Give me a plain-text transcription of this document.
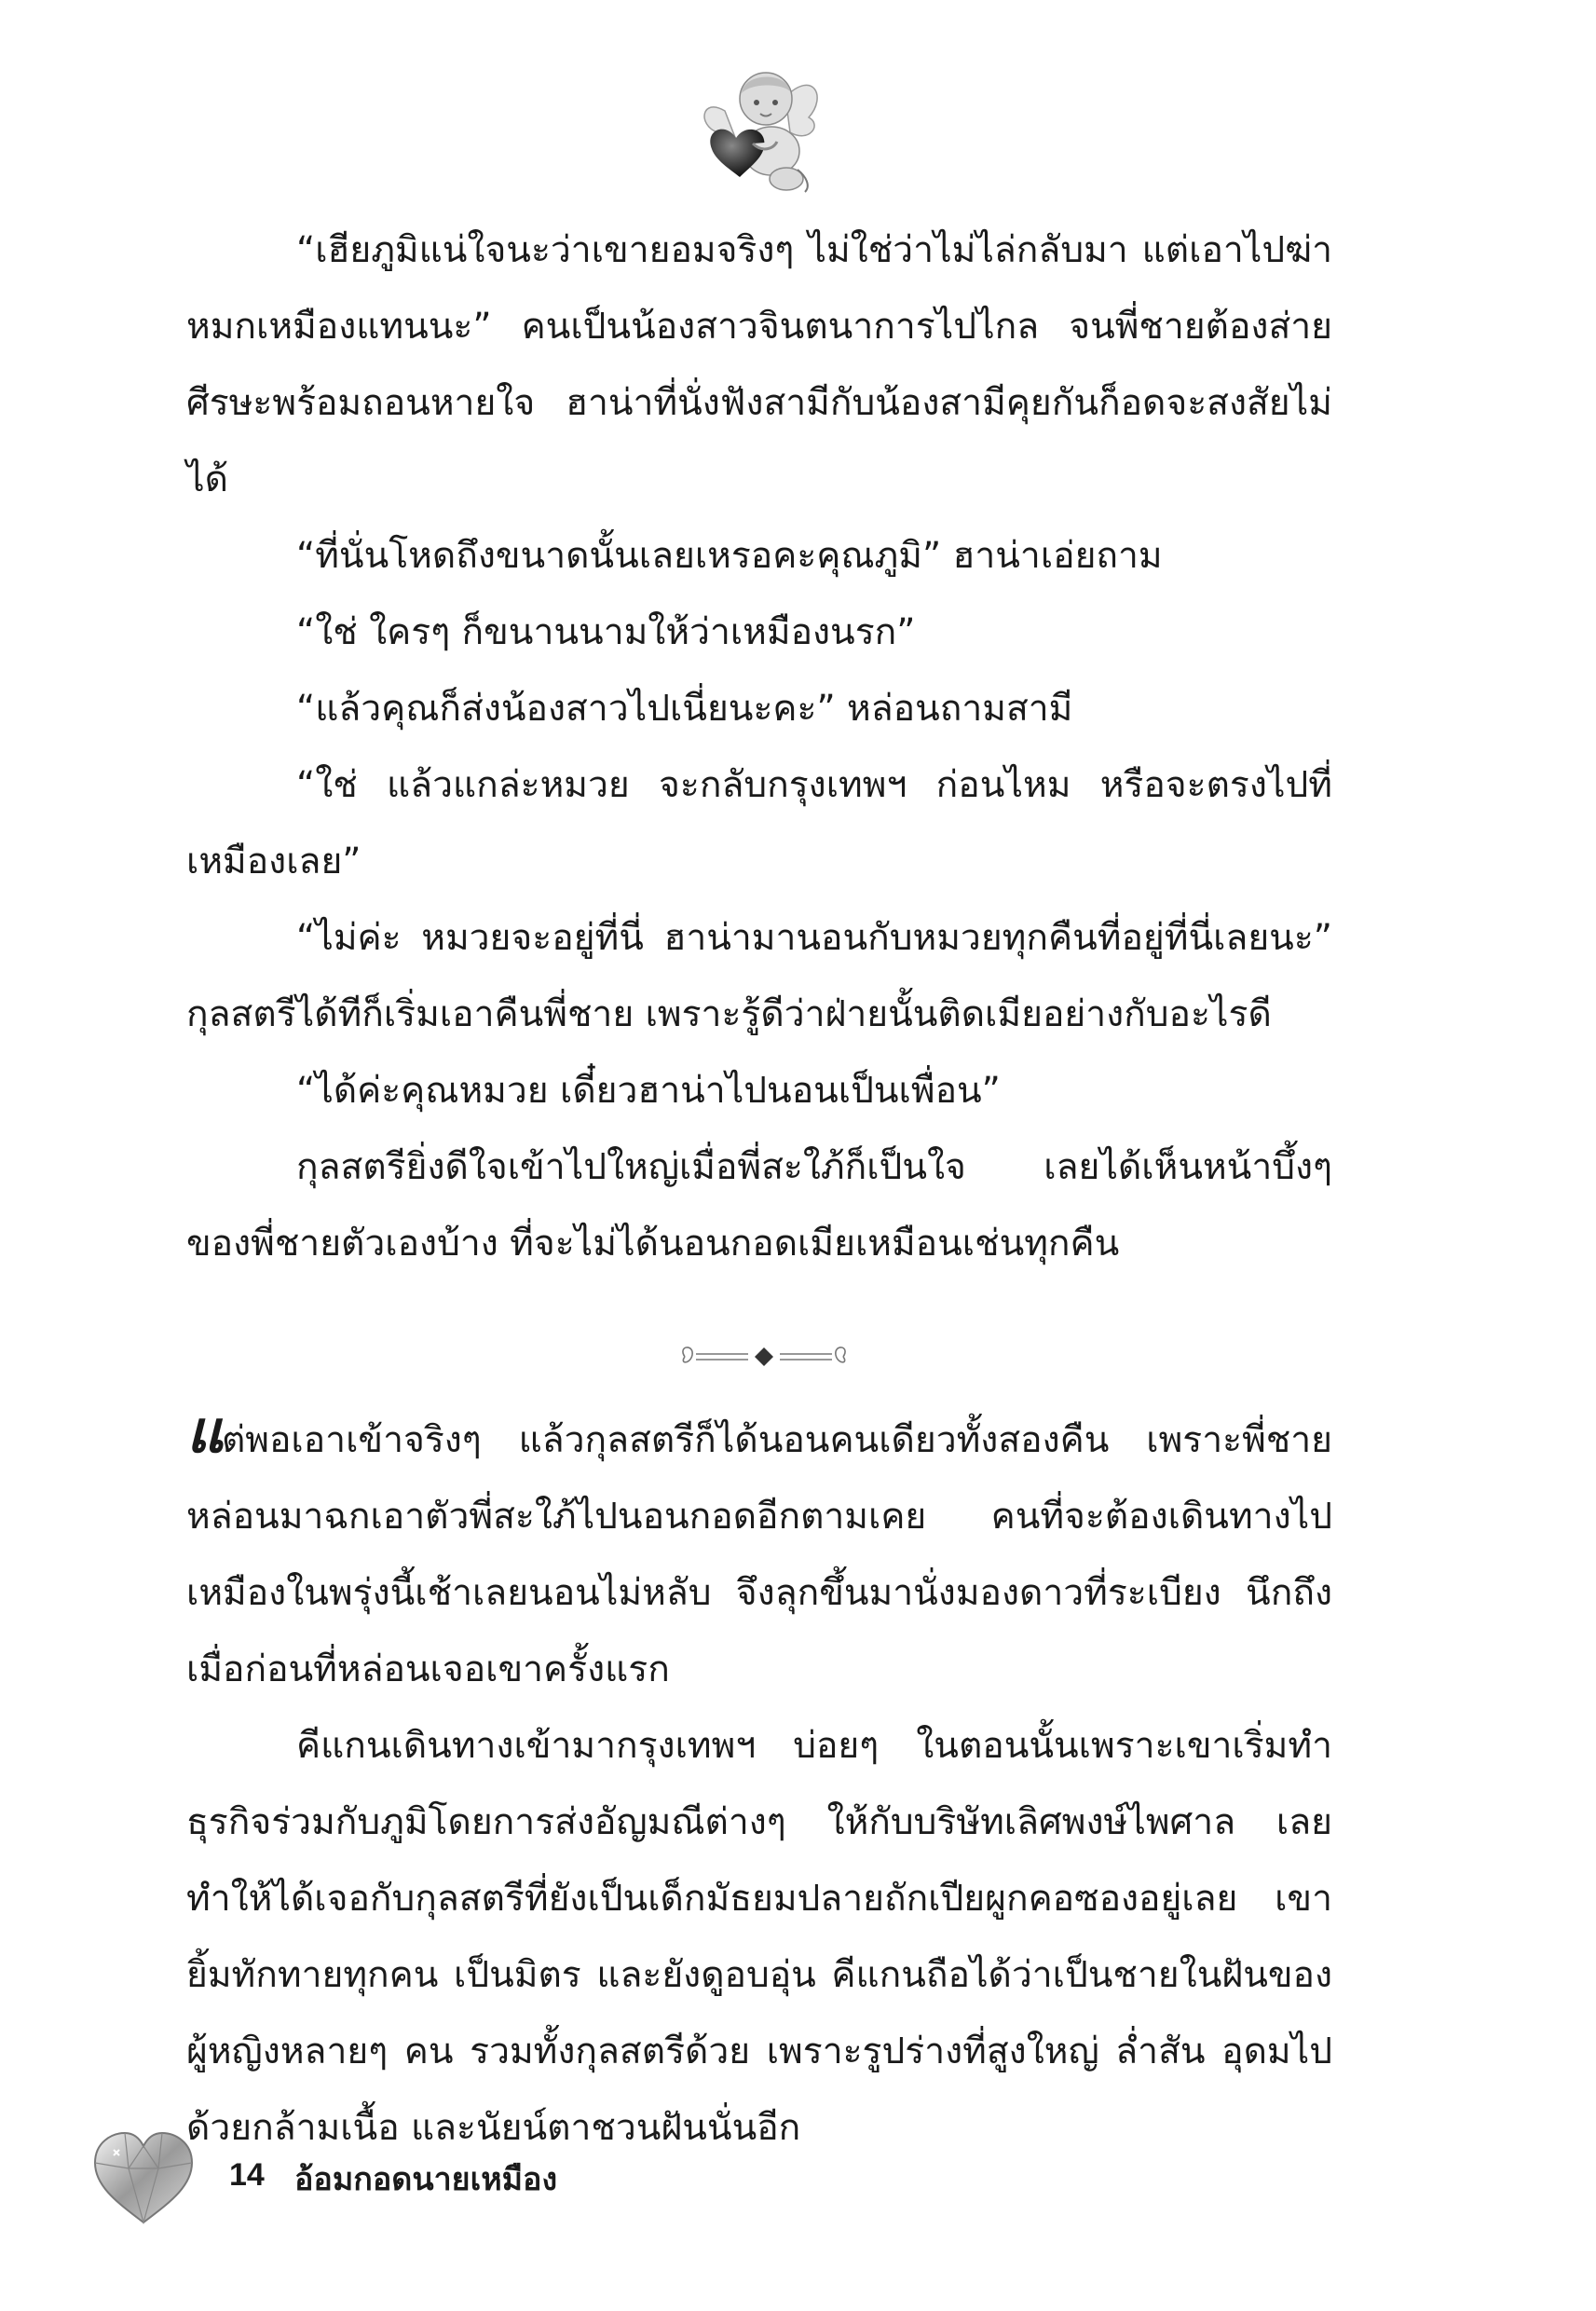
“เฮียภูมิแน่ใจนะว่าเขายอมจริงๆ ไม่ใช่ว่าไม่ไล่กลับมา แต่เอาไปฆ่าหมกเหมืองแทนนะ” คนเป็นน้องสาวจินตนาการไปไกล จนพี่ชายต้องส่ายศีรษะพร้อมถอนหายใจ ฮาน่าที่นั่งฟังสามีกับน้องสามีคุยกันก็อดจะสงสัยไม่ได้

“ที่นั่นโหดถึงขนาดนั้นเลยเหรอคะคุณภูมิ” ฮาน่าเอ่ยถาม

“ใช่ ใครๆ ก็ขนานนามให้ว่าเหมืองนรก”

“แล้วคุณก็ส่งน้องสาวไปเนี่ยนะคะ” หล่อนถามสามี

“ใช่ แล้วแกล่ะหมวย จะกลับกรุงเทพฯ ก่อนไหม หรือจะตรงไปที่เหมืองเลย”

“ไม่ค่ะ หมวยจะอยู่ที่นี่ ฮาน่ามานอนกับหมวยทุกคืนที่อยู่ที่นี่เลยนะ” กุลสตรีได้ทีก็เริ่มเอาคืนพี่ชาย เพราะรู้ดีว่าฝ่ายนั้นติดเมียอย่างกับอะไรดี

“ได้ค่ะคุณหมวย เดี๋ยวฮาน่าไปนอนเป็นเพื่อน”

กุลสตรียิ่งดีใจเข้าไปใหญ่เมื่อพี่สะใภ้ก็เป็นใจ เลยได้เห็นหน้าบึ้งๆ ของพี่ชายตัวเองบ้าง ที่จะไม่ได้นอนกอดเมียเหมือนเช่นทุกคืน

แต่พอเอาเข้าจริงๆ แล้วกุลสตรีก็ได้นอนคนเดียวทั้งสองคืน เพราะพี่ชายหล่อนมาฉกเอาตัวพี่สะใภ้ไปนอนกอดอีกตามเคย คนที่จะต้องเดินทางไปเหมืองในพรุ่งนี้เช้าเลยนอนไม่หลับ จึงลุกขึ้นมานั่งมองดาวที่ระเบียง นึกถึงเมื่อก่อนที่หล่อนเจอเขาครั้งแรก

คีแกนเดินทางเข้ามากรุงเทพฯ บ่อยๆ ในตอนนั้นเพราะเขาเริ่มทำธุรกิจร่วมกับภูมิโดยการส่งอัญมณีต่างๆ ให้กับบริษัทเลิศพงษ์ไพศาล เลยทำให้ได้เจอกับกุลสตรีที่ยังเป็นเด็กมัธยมปลายถักเปียผูกคอซองอยู่เลย เขายิ้มทักทายทุกคน เป็นมิตร และยังดูอบอุ่น คีแกนถือได้ว่าเป็นชายในฝันของผู้หญิงหลายๆ คน รวมทั้งกุลสตรีด้วย เพราะรูปร่างที่สูงใหญ่ ล่ำสัน อุดมไปด้วยกล้ามเนื้อ และนัยน์ตาชวนฝันนั่นอีก

14 อ้อมกอดนายเหมือง
